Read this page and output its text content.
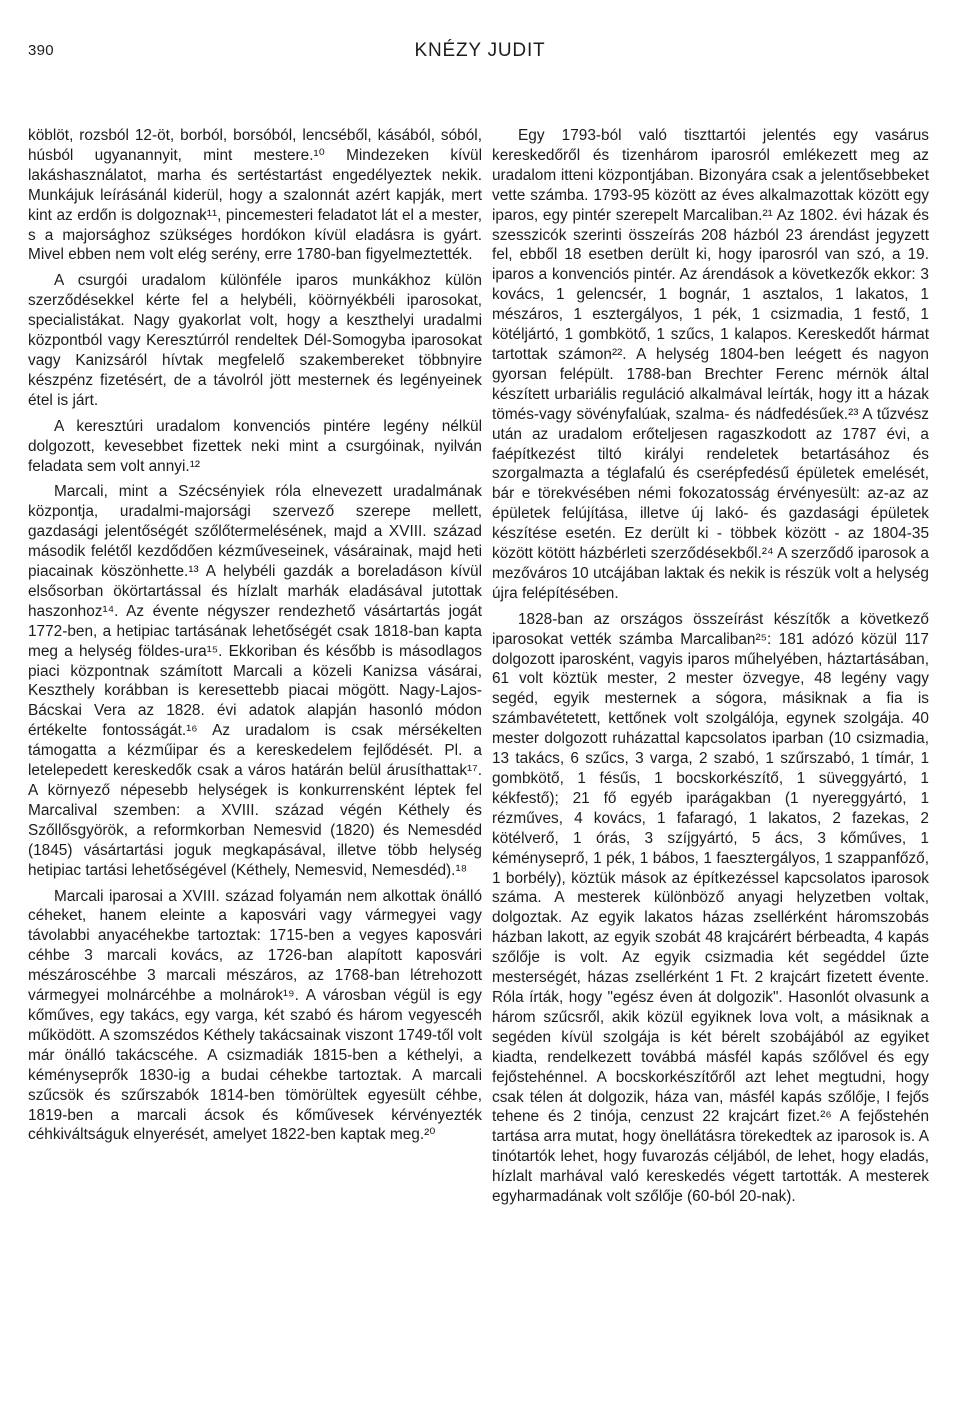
390	KNÉZY JUDIT

köblöt, rozsból 12-öt, borból, borsóból, lencséből, kásából, sóból, húsból ugyanannyit, mint mestere.¹⁰ Mindezeken kívül lakáshasználatot, marha és sertéstartást engedélyeztek nekik. Munkájuk leírásánál kiderül, hogy a szalonnát azért kapják, mert kint az erdőn is dolgoznak¹¹, pincemesteri feladatot lát el a mester, s a majorsághoz szükséges hordókon kívül eladásra is gyárt. Mivel ebben nem volt elég serény, erre 1780-ban figyelmeztették.

A csurgói uradalom különféle iparos munkákhoz külön szerződésekkel kérte fel a helybéli, köörnyékbéli iparosokat, specialistákat. Nagy gyakorlat volt, hogy a keszthelyi uradalmi központból vagy Keresztúrról rendeltek Dél-Somogyba iparosokat vagy Kanizsáról hívtak megfelelő szakembereket többnyire készpénz fizetésért, de a távolról jött mesternek és legényeinek étel is járt.

A keresztúri uradalom konvenciós pintére legény nélkül dolgozott, kevesebbet fizettek neki mint a csurgóinak, nyilván feladata sem volt annyi.¹²

Marcali, mint a Szécsényiek róla elnevezett uradalmának központja, uradalmi-majorsági szervező szerepe mellett, gazdasági jelentőségét szőlőtermelésének, majd a XVIII. század második felétől kezdődően kézműveseinek, vásárainak, majd heti piacainak köszönhette.¹³ A helybéli gazdák a boreladáson kívül elsősorban ökörtartással és hízlalt marhák eladásával jutottak haszonhoz¹⁴. Az évente négyszer rendezhető vásártartás jogát 1772-ben, a hetipiac tartásának lehetőségét csak 1818-ban kapta meg a helység földes-ura¹⁵. Ekkoriban és később is másodlagos piaci központnak számított Marcali a közeli Kanizsa vásárai, Keszthely korábban is keresettebb piacai mögött. Nagy-Lajos-Bácskai Vera az 1828. évi adatok alapján hasonló módon értékelte fontosságát.¹⁶ Az uradalom is csak mérsékelten támogatta a kézműipar és a kereskedelem fejlődését. Pl. a letelepedett kereskedők csak a város határán belül árusíthattak¹⁷. A környező népesebb helységek is konkurrensként léptek fel Marcalival szemben: a XVIII. század végén Kéthely és Szőllősgyörök, a reformkorban Nemesvid (1820) és Nemesdéd (1845) vásártartási joguk megkapásával, illetve több helység hetipiac tartási lehetőségével (Kéthely, Nemesvid, Nemesdéd).¹⁸

Marcali iparosai a XVIII. század folyamán nem alkottak önálló céheket, hanem eleinte a kaposvári vagy vármegyei vagy távolabbi anyacéhekbe tartoztak: 1715-ben a vegyes kaposvári céhbe 3 marcali kovács, az 1726-ban alapított kaposvári mészároscéhbe 3 marcali mészáros, az 1768-ban létrehozott vármegyei molnárcéhbe a molnárok¹⁹. A városban végül is egy kőműves, egy takács, egy varga, két szabó és három vegyescéh működött. A szomszédos Kéthely takácsainak viszont 1749-től volt már önálló takácscéhe. A csizmadiák 1815-ben a kéthelyi, a kéményseprők 1830-ig a budai céhekbe tartoztak. A marcali szűcsök és szűrszabók 1814-ben tömörültek egyesült céhbe, 1819-ben a marcali ácsok és kőművesek kérvényezték céhkiváltságuk elnyerését, amelyet 1822-ben kaptak meg.²⁰

Egy 1793-ból való tiszttartói jelentés egy vasárus kereskedőről és tizenhárom iparosról emlékezett meg az uradalom itteni központjában. Bizonyára csak a jelentősebbeket vette számba. 1793-95 között az éves alkalmazottak között egy iparos, egy pintér szerepelt Marcaliban.²¹ Az 1802. évi házak és szesszicók szerinti összeírás 208 házból 23 árendást jegyzett fel, ebből 18 esetben derült ki, hogy iparosról van szó, a 19. iparos a konvenciós pintér. Az árendások a következők ekkor: 3 kovács, 1 gelencsér, 1 bognár, 1 asztalos, 1 lakatos, 1 mészáros, 1 esztergályos, 1 pék, 1 csizmadia, 1 festő, 1 kötéljártó, 1 gombkötő, 1 szűcs, 1 kalapos. Kereskedőt hármat tartottak számon²². A helység 1804-ben leégett és nagyon gyorsan felépült. 1788-ban Brechter Ferenc mérnök által készített urbariális reguláció alkalmával leírták, hogy itt a házak tömés-vagy sövényfalúak, szalma- és nádfedésűek.²³ A tűzvész után az uradalom erőteljesen ragaszkodott az 1787 évi, a faépítkezést tiltó királyi rendeletek betartásához és szorgalmazta a téglafalú és cserépfedésű épületek emelését, bár e törekvésében némi fokozatosság érvényesült: az-az az épületek felújítása, illetve új lakó- és gazdasági épületek készítése esetén. Ez derült ki - többek között - az 1804-35 között kötött házbérleti szerződésekből.²⁴ A szerződő iparosok a mezőváros 10 utcájában laktak és nekik is részük volt a helység újra felépítésében.

1828-ban az országos összeírást készítők a következő iparosokat vették számba Marcaliban²⁵: 181 adózó közül 117 dolgozott iparosként, vagyis iparos műhelyében, háztartásában, 61 volt köztük mester, 2 mester özvegye, 48 legény vagy segéd, egyik mesternek a sógora, másiknak a fia is számbavétetett, kettőnek volt szolgálója, egynek szolgája. 40 mester dolgozott ruházattal kapcsolatos iparban (10 csizmadia, 13 takács, 6 szűcs, 3 varga, 2 szabó, 1 szűrszabó, 1 tímár, 1 gombkötő, 1 fésűs, 1 bocskorkészítő, 1 süveggyártó, 1 kékfestő); 21 fő egyéb iparágakban (1 nyereggyártó, 1 rézműves, 4 kovács, 1 fafaragó, 1 lakatos, 2 fazekas, 2 kötélverő, 1 órás, 3 szíjgyártó, 5 ács, 3 kőműves, 1 kéményseprő, 1 pék, 1 bábos, 1 faesztergályos, 1 szappanfőző, 1 borbély), köztük mások az építkezéssel kapcsolatos iparosok száma. A mesterek különböző anyagi helyzetben voltak, dolgoztak. Az egyik lakatos házas zsellérként háromszobás házban lakott, az egyik szobát 48 krajcárért bérbeadta, 4 kapás szőlője is volt. Az egyik csizmadia két segéddel űzte mesterségét, házas zsellérként 1 Ft. 2 krajcárt fizetett évente. Róla írták, hogy "egész éven át dolgozik". Hasonlót olvasunk a három szűcsről, akik közül egyiknek lova volt, a másiknak a segéden kívül szolgája is két bérelt szobájából az egyiket kiadta, rendelkezett továbbá másfél kapás szőlővel és egy fejőstehénnel. A bocskorkészítőről azt lehet megtudni, hogy csak télen át dolgozik, háza van, másfél kapás szőlője, I fejős tehene és 2 tinója, cenzust 22 krajcárt fizet.²⁶ A fejőstehén tartása arra mutat, hogy önellátásra törekedtek az iparosok is. A tinótartók lehet, hogy fuvarozás céljából, de lehet, hogy eladás, hízlalt marhával való kereskedés végett tartották. A mesterek egyharmadának volt szőlője (60-ból 20-nak).
